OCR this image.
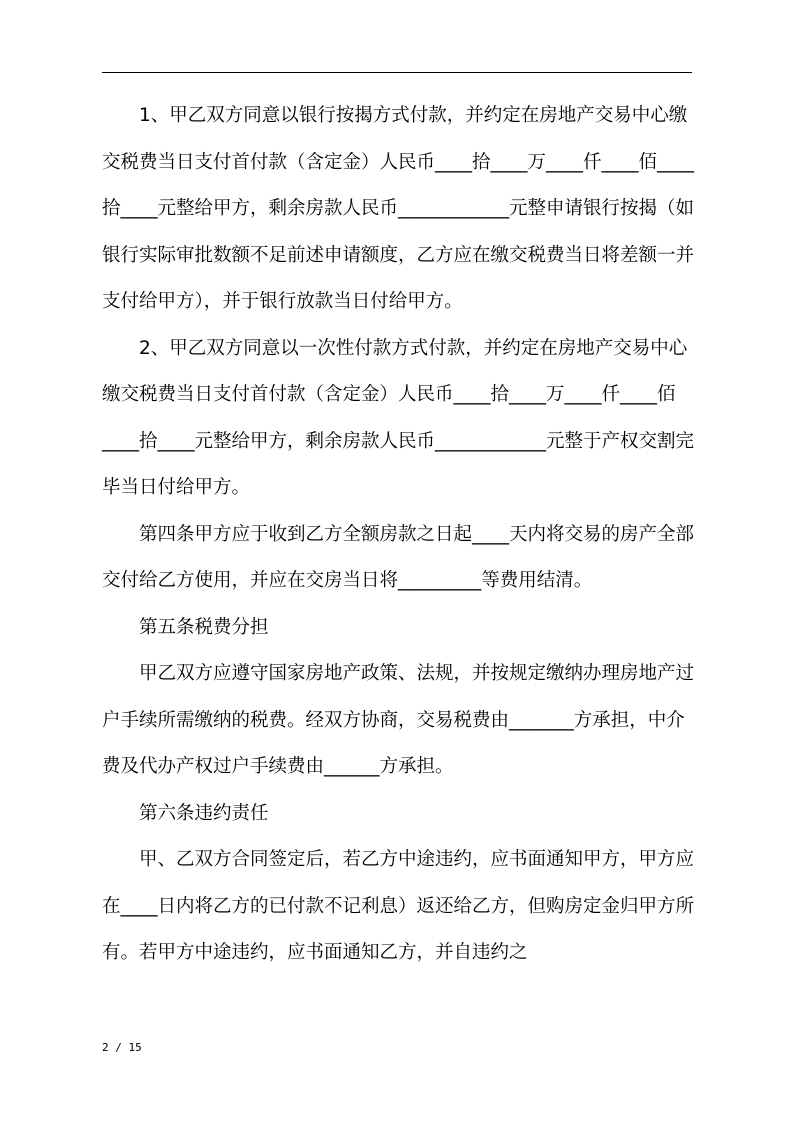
1、甲乙双方同意以银行按揭方式付款，并约定在房地产交易中心缴交税费当日支付首付款（含定金）人民币____拾____万____仟____佰____拾____元整给甲方，剩余房款人民币____________元整申请银行按揭（如银行实际审批数额不足前述申请额度，乙方应在缴交税费当日将差额一并支付给甲方），并于银行放款当日付给甲方。

2、甲乙双方同意以一次性付款方式付款，并约定在房地产交易中心缴交税费当日支付首付款（含定金）人民币____拾____万____仟____佰____拾____元整给甲方，剩余房款人民币____________元整于产权交割完毕当日付给甲方。

第四条甲方应于收到乙方全额房款之日起____天内将交易的房产全部交付给乙方使用，并应在交房当日将_________等费用结清。

第五条税费分担

甲乙双方应遵守国家房地产政策、法规，并按规定缴纳办理房地产过户手续所需缴纳的税费。经双方协商，交易税费由_______方承担，中介费及代办产权过户手续费由______方承担。

第六条违约责任

甲、乙双方合同签定后，若乙方中途违约，应书面通知甲方，甲方应在____日内将乙方的已付款不记利息）返还给乙方，但购房定金归甲方所有。若甲方中途违约，应书面通知乙方，并自违约之

2 / 15
